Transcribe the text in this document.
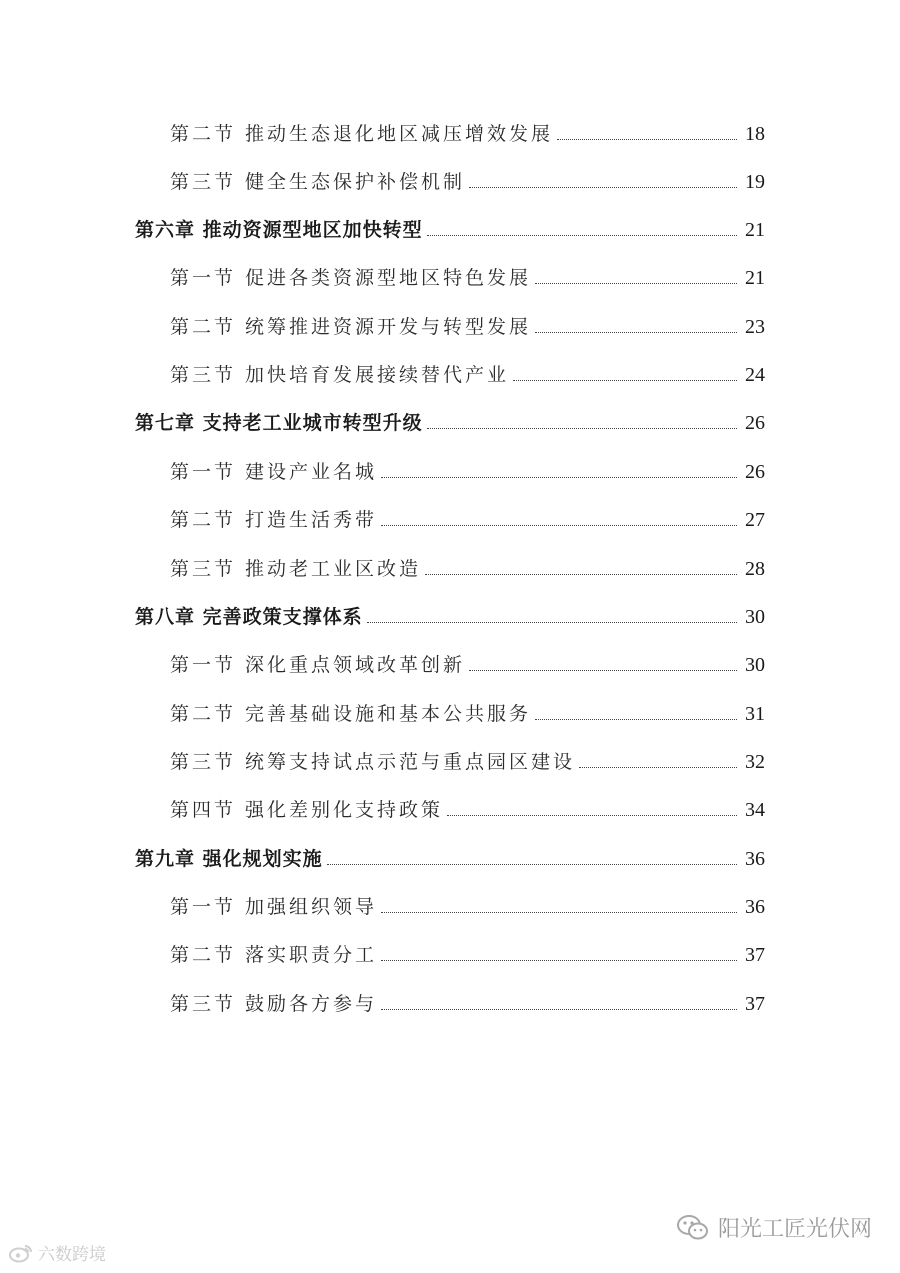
第二节 推动生态退化地区减压增效发展	18
第三节 健全生态保护补偿机制	19
第六章 推动资源型地区加快转型	21
第一节 促进各类资源型地区特色发展	21
第二节 统筹推进资源开发与转型发展	23
第三节 加快培育发展接续替代产业	24
第七章 支持老工业城市转型升级	26
第一节 建设产业名城	26
第二节 打造生活秀带	27
第三节 推动老工业区改造	28
第八章 完善政策支撑体系	30
第一节 深化重点领域改革创新	30
第二节 完善基础设施和基本公共服务	31
第三节 统筹支持试点示范与重点园区建设	32
第四节 强化差别化支持政策	34
第九章 强化规划实施	36
第一节 加强组织领导	36
第二节 落实职责分工	37
第三节 鼓励各方参与	37
六数跨境
阳光工匠光伏网
